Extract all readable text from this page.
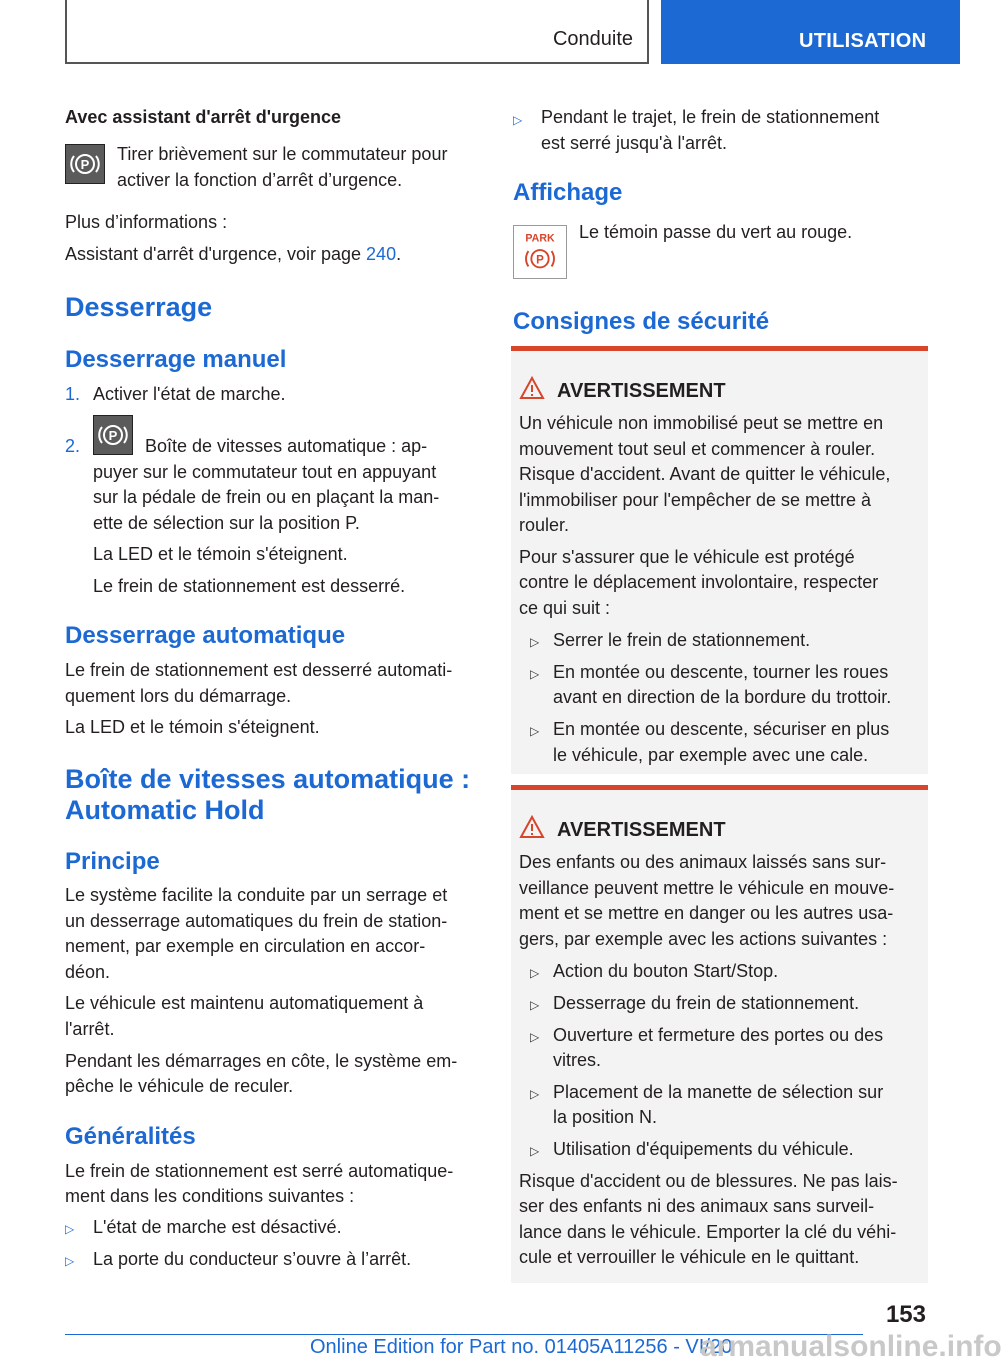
Conduite	UTILISATION
Avec assistant d'arrêt d'urgence
P
Tirer brièvement sur le commutateur pour
activer la fonction d’arrêt d’urgence.
Plus d’informations :
Assistant d'arrêt d'urgence, voir page 240.
Desserrage
Desserrage manuel
1. Activer l'état de marche.
2.
P
Boîte de vitesses automatique : ap-
puyer sur le commutateur tout en appuyant
sur la pédale de frein ou en plaçant la man-
ette de sélection sur la position P.
La LED et le témoin s'éteignent.
Le frein de stationnement est desserré.
Desserrage automatique
Le frein de stationnement est desserré automati-
quement lors du démarrage.
La LED et le témoin s'éteignent.
Boîte de vitesses automatique :
Automatic Hold
Principe
Le système facilite la conduite par un serrage et
un desserrage automatiques du frein de station-
nement, par exemple en circulation en accor-
déon.
Le véhicule est maintenu automatiquement à
l'arrêt.
Pendant les démarrages en côte, le système em-
pêche le véhicule de reculer.
Généralités
Le frein de stationnement est serré automatique-
ment dans les conditions suivantes :
▷ L'état de marche est désactivé.
▷ La porte du conducteur s’ouvre à l’arrêt.
▷ Pendant le trajet, le frein de stationnement
est serré jusqu'à l'arrêt.
Affichage
PARK
P
Le témoin passe du vert au rouge.
Consignes de sécurité
AVERTISSEMENT
Un véhicule non immobilisé peut se mettre en
mouvement tout seul et commencer à rouler.
Risque d'accident. Avant de quitter le véhicule,
l'immobiliser pour l'empêcher de se mettre à
rouler.
Pour s'assurer que le véhicule est protégé
contre le déplacement involontaire, respecter
ce qui suit :
▷ Serrer le frein de stationnement.
▷ En montée ou descente, tourner les roues
avant en direction de la bordure du trottoir.
▷ En montée ou descente, sécuriser en plus
le véhicule, par exemple avec une cale.
AVERTISSEMENT
Des enfants ou des animaux laissés sans sur-
veillance peuvent mettre le véhicule en mouve-
ment et se mettre en danger ou les autres usa-
gers, par exemple avec les actions suivantes :
▷ Action du bouton Start/Stop.
▷ Desserrage du frein de stationnement.
▷ Ouverture et fermeture des portes ou des
vitres.
▷ Placement de la manette de sélection sur
la position N.
▷ Utilisation d'équipements du véhicule.
Risque d'accident ou de blessures. Ne pas lais-
ser des enfants ni des animaux sans surveil-
lance dans le véhicule. Emporter la clé du véhi-
cule et verrouiller le véhicule en le quittant.
153
Online Edition for Part no. 01405A11256 - VI/20
armanualsonline.info
